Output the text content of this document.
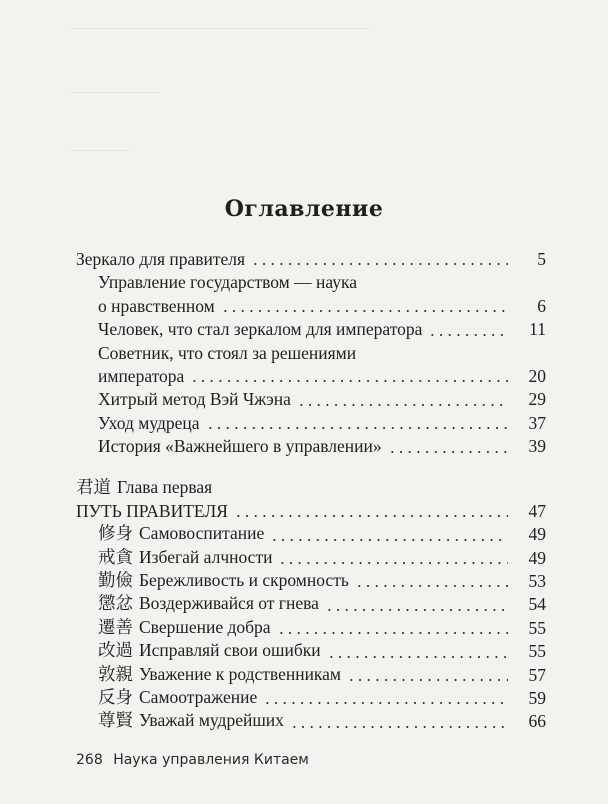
Оглавление
Зеркало для правителя	5
Управление государством — наука
о нравственном	6
Человек, что стал зеркалом для императора	11
Советник, что стоял за решениями
императора	20
Хитрый метод Вэй Чжэна	29
Уход мудреца	37
История «Важнейшего в управлении»	39
君道 Глава первая
ПУТЬ ПРАВИТЕЛЯ	47
修身 Самовоспитание	49
戒貪 Избегай алчности	49
勤儉 Бережливость и скромность	53
懲忿 Воздерживайся от гнева	54
遷善 Свершение добра	55
改過 Исправляй свои ошибки	55
敦親 Уважение к родственникам	57
反身 Самоотражение	59
尊賢 Уважай мудрейших	66
268 Наука управления Китаем
